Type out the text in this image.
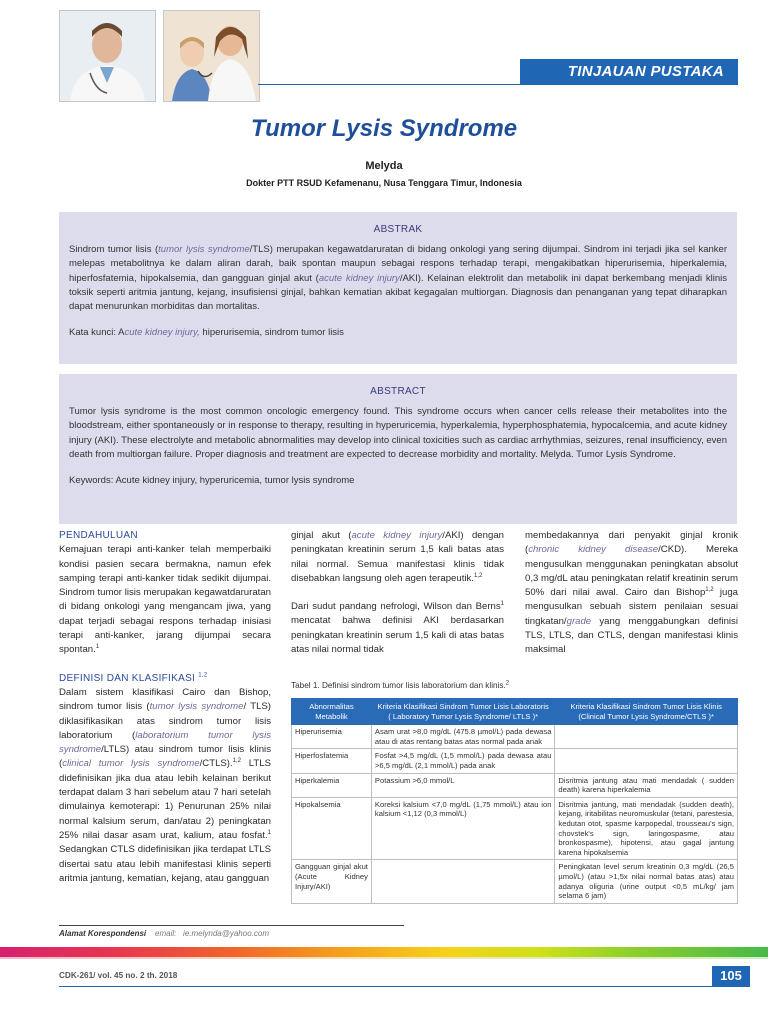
TINJAUAN PUSTAKA
Tumor Lysis Syndrome
Melyda
Dokter PTT RSUD Kefamenanu, Nusa Tenggara Timur, Indonesia
ABSTRAK

Sindrom tumor lisis (tumor lysis syndrome/TLS) merupakan kegawatdaruratan di bidang onkologi yang sering dijumpai. Sindrom ini terjadi jika sel kanker melepas metabolitnya ke dalam aliran darah, baik spontan maupun sebagai respons terhadap terapi, mengakibatkan hiperurisemia, hiperkalemia, hiperfosfatemia, hipokalsemia, dan gangguan ginjal akut (acute kidney injury/AKI). Kelainan elektrolit dan metabolik ini dapat berkembang menjadi klinis toksik seperti aritmia jantung, kejang, insufisiensi ginjal, bahkan kematian akibat kegagalan multiorgan. Diagnosis dan penanganan yang tepat diharapkan dapat menurunkan morbiditas dan mortalitas.

Kata kunci: Acute kidney injury, hiperurisemia, sindrom tumor lisis

ABSTRACT

Tumor lysis syndrome is the most common oncologic emergency found. This syndrome occurs when cancer cells release their metabolites into the bloodstream, either spontaneously or in response to therapy, resulting in hyperuricemia, hyperkalemia, hyperphosphatemia, hypocalcemia, and acute kidney injury (AKI). These electrolyte and metabolic abnormalities may develop into clinical toxicities such as cardiac arrhythmias, seizures, renal insufficiency, even death from multiorgan failure. Proper diagnosis and treatment are expected to decrease morbidity and mortality. Melyda. Tumor Lysis Syndrome.

Keywords: Acute kidney injury, hyperuricemia, tumor lysis syndrome

PENDAHULUAN

Kemajuan terapi anti-kanker telah memperbaiki kondisi pasien secara bermakna, namun efek samping terapi anti-kanker tidak sedikit dijumpai. Sindrom tumor lisis merupakan kegawatdaruratan di bidang onkologi yang mengancam jiwa, yang dapat terjadi sebagai respons terhadap inisiasi terapi anti-kanker, jarang dijumpai secara spontan.$^1$

DEFINISI DAN KLASIFIKASI $^{1,2}$

Dalam sistem klasifikasi Cairo dan Bishop, sindrom tumor lisis (tumor lysis syndrome/ TLS) diklasifikasikan atas sindrom tumor lisis laboratorium (laboratorium tumor lysis syndrome/LTLS) atau sindrom tumor lisis klinis (clinical tumor lysis syndrome/CTLS).$^{1,2}$ LTLS didefinisikan jika dua atau lebih kelainan berikut terdapat dalam 3 hari sebelum atau 7 hari setelah dimulainya kemoterapi: 1) Penurunan 25% nilai normal kalsium serum, dan/atau 2) peningkatan 25% nilai dasar asam urat, kalium, atau fosfat.$^1$ Sedangkan CTLS didefinisikan jika terdapat LTLS disertai satu atau lebih manifestasi klinis seperti aritmia jantung, kematian, kejang, atau gangguan

ginjal akut (acute kidney injury/AKI) dengan peningkatan kreatinin serum 1,5 kali batas atas nilai normal. Semua manifestasi klinis tidak disebabkan langsung oleh agen terapeutik.$^{1,2}$

Dari sudut pandang nefrologi, Wilson dan Berns$^1$ mencatat bahwa definisi AKI berdasarkan peningkatan kreatinin serum 1,5 kali di atas batas atas nilai normal tidak

membedakannya dari penyakit ginjal kronik (chronic kidney disease/CKD). Mereka mengusulkan menggunakan peningkatan absolut 0,3 mg/dL atau peningkatan relatif kreatinin serum 50% dari nilai awal. Cairo dan Bishop$^{1,2}$ juga mengusulkan sebuah sistem penilaian sesuai tingkatan/grade yang menggabungkan definisi TLS, LTLS, dan CTLS, dengan manifestasi klinis maksimal

Tabel 1. Definisi sindrom tumor lisis laboratorium dan klinis.$^2$
Abnormalitas Metabolik	Kriteria Klasifikasi Sindrom Tumor Lisis Laboratoris ( Laboratory Tumor Lysis Syndrome/ LTLS )*	Kriteria Klasifikasi Sindrom Tumor Lisis Klinis (Clinical Tumor Lysis Syndrome/CTLS )*
Hiperurisemia	Asam urat >8,0 mg/dL (475.8 µmol/L) pada dewasa atau di atas rentang batas atas normal pada anak	
Hiperfosfatemia	Fosfat >4,5 mg/dL (1,5 mmol/L) pada dewasa atau >6,5 mg/dL (2,1 mmol/L) pada anak	
Hiperkalemia	Potassium >6,0 mmol/L	Disritmia jantung atau mati mendadak ( sudden death) karena hiperkalemia
Hipokalsemia	Koreksi kalsium <7,0 mg/dL (1,75 mmol/L) atau ion kalsium <1,12 (0,3 mmol/L)	Disritmia jantung, mati mendadak (sudden death), kejang, iritabilitas neuromuskular (tetani, parestesia, kedutan otot, spasme karpopedal, trousseau's sign, chovstek's sign, laringospasme, atau bronkospasme), hipotensi, atau gagal jantung karena hipokalsemia
Gangguan ginjal akut (Acute Kidney Injury/AKI)		Peningkatan level serum kreatinin 0,3 mg/dL (26,5 µmol/L) (atau >1,5x nilai normal batas atas) atau adanya oliguria (urine output <0,5 mL/kg/ jam selama 6 jam)
Alamat Korespondensi email: ie.melynda@yahoo.com
CDK-261/ vol. 45 no. 2 th. 2018	105
